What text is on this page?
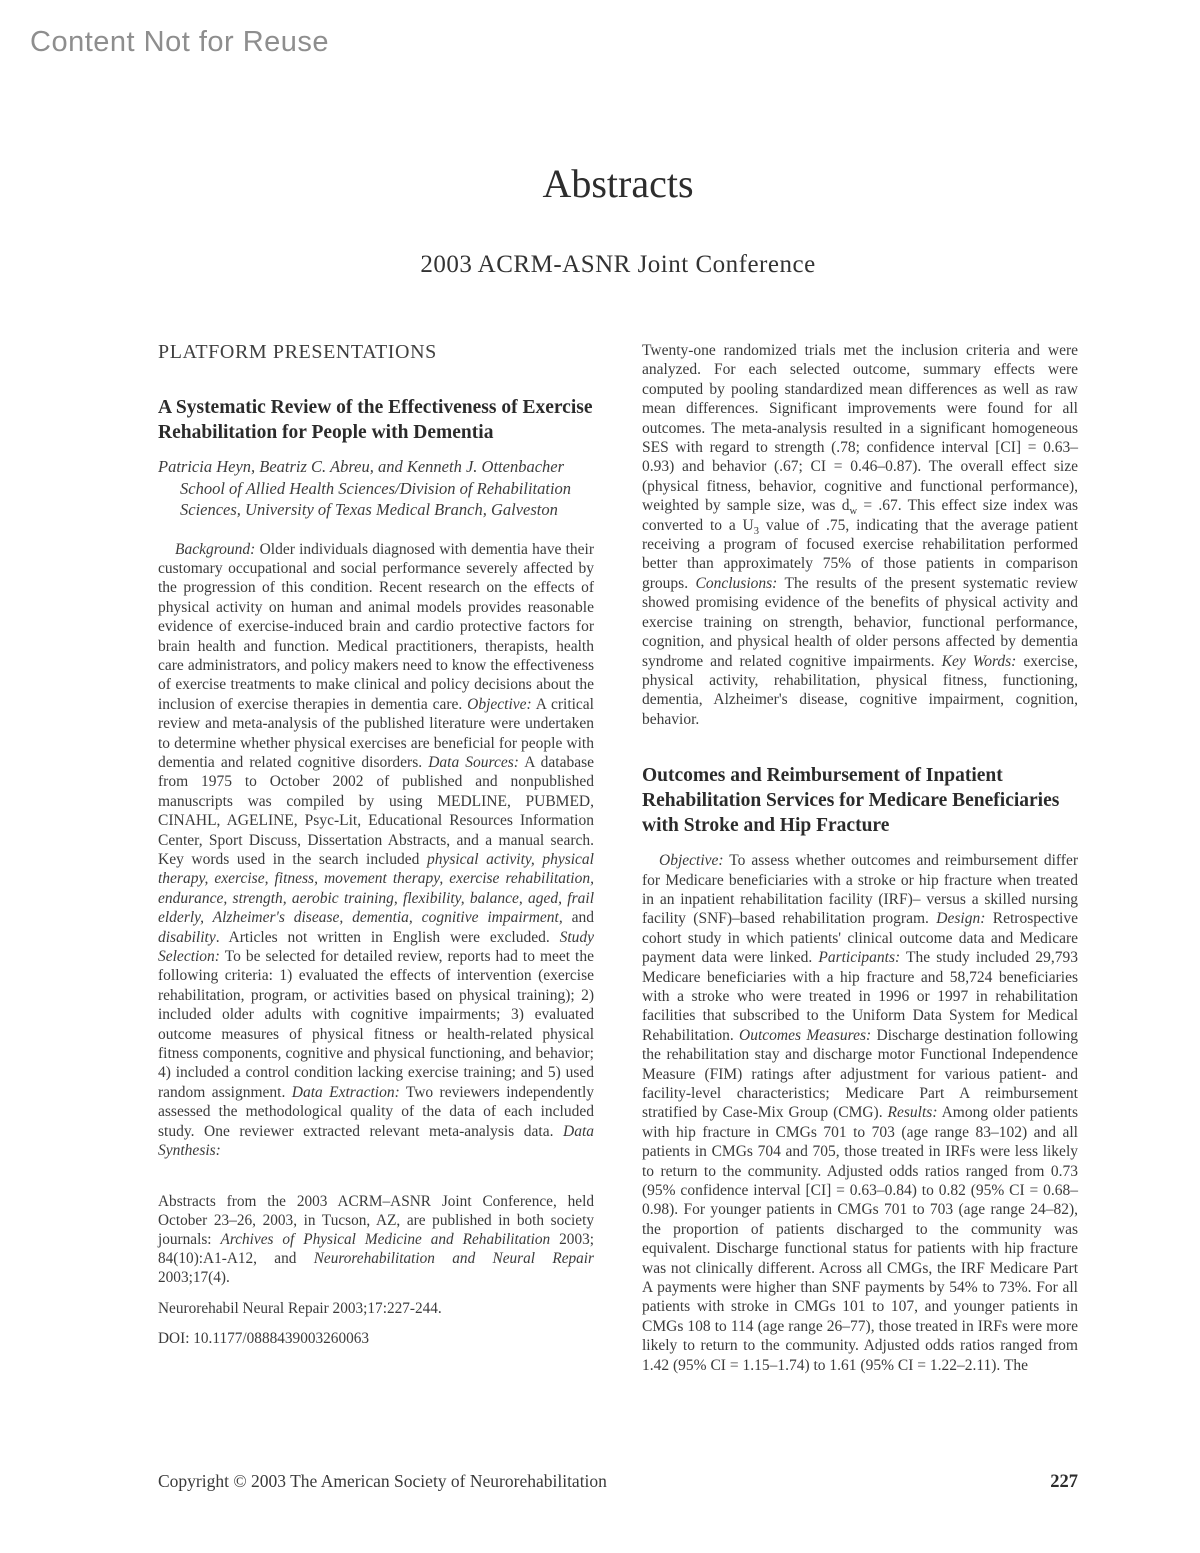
Content Not for Reuse
Abstracts
2003 ACRM-ASNR Joint Conference
PLATFORM PRESENTATIONS
A Systematic Review of the Effectiveness of Exercise Rehabilitation for People with Dementia

Patricia Heyn, Beatriz C. Abreu, and Kenneth J. Ottenbacher

School of Allied Health Sciences/Division of Rehabilitation Sciences, University of Texas Medical Branch, Galveston

Background: Older individuals diagnosed with dementia have their customary occupational and social performance severely affected by the progression of this condition. Recent research on the effects of physical activity on human and animal models provides reasonable evidence of exercise-induced brain and cardio protective factors for brain health and function. Medical practitioners, therapists, health care administrators, and policy makers need to know the effectiveness of exercise treatments to make clinical and policy decisions about the inclusion of exercise therapies in dementia care. Objective: A critical review and meta-analysis of the published literature were undertaken to determine whether physical exercises are beneficial for people with dementia and related cognitive disorders. Data Sources: A database from 1975 to October 2002 of published and nonpublished manuscripts was compiled by using MEDLINE, PUBMED, CINAHL, AGELINE, Psyc-Lit, Educational Resources Information Center, Sport Discuss, Dissertation Abstracts, and a manual search. Key words used in the search included physical activity, physical therapy, exercise, fitness, movement therapy, exercise rehabilitation, endurance, strength, aerobic training, flexibility, balance, aged, frail elderly, Alzheimer's disease, dementia, cognitive impairment, and disability. Articles not written in English were excluded. Study Selection: To be selected for detailed review, reports had to meet the following criteria: 1) evaluated the effects of intervention (exercise rehabilitation, program, or activities based on physical training); 2) included older adults with cognitive impairments; 3) evaluated outcome measures of physical fitness or health-related physical fitness components, cognitive and physical functioning, and behavior; 4) included a control condition lacking exercise training; and 5) used random assignment. Data Extraction: Two reviewers independently assessed the methodological quality of the data of each included study. One reviewer extracted relevant meta-analysis data. Data Synthesis:

Abstracts from the 2003 ACRM–ASNR Joint Conference, held October 23–26, 2003, in Tucson, AZ, are published in both society journals: Archives of Physical Medicine and Rehabilitation 2003; 84(10):A1-A12, and Neurorehabilitation and Neural Repair 2003;17(4).

Neurorehabil Neural Repair 2003;17:227-244.

DOI: 10.1177/0888439003260063

Twenty-one randomized trials met the inclusion criteria and were analyzed. For each selected outcome, summary effects were computed by pooling standardized mean differences as well as raw mean differences. Significant improvements were found for all outcomes. The meta-analysis resulted in a significant homogeneous SES with regard to strength (.78; confidence interval [CI] = 0.63–0.93) and behavior (.67; CI = 0.46–0.87). The overall effect size (physical fitness, behavior, cognitive and functional performance), weighted by sample size, was $d_w = .67$. This effect size index was converted to a $U_3$ value of .75, indicating that the average patient receiving a program of focused exercise rehabilitation performed better than approximately 75% of those patients in comparison groups. Conclusions: The results of the present systematic review showed promising evidence of the benefits of physical activity and exercise training on strength, behavior, functional performance, cognition, and physical health of older persons affected by dementia syndrome and related cognitive impairments. Key Words: exercise, physical activity, rehabilitation, physical fitness, functioning, dementia, Alzheimer's disease, cognitive impairment, cognition, behavior.

Outcomes and Reimbursement of Inpatient Rehabilitation Services for Medicare Beneficiaries with Stroke and Hip Fracture

Objective: To assess whether outcomes and reimbursement differ for Medicare beneficiaries with a stroke or hip fracture when treated in an inpatient rehabilitation facility (IRF)– versus a skilled nursing facility (SNF)–based rehabilitation program. Design: Retrospective cohort study in which patients' clinical outcome data and Medicare payment data were linked. Participants: The study included 29,793 Medicare beneficiaries with a hip fracture and 58,724 beneficiaries with a stroke who were treated in 1996 or 1997 in rehabilitation facilities that subscribed to the Uniform Data System for Medical Rehabilitation. Outcomes Measures: Discharge destination following the rehabilitation stay and discharge motor Functional Independence Measure (FIM) ratings after adjustment for various patient- and facility-level characteristics; Medicare Part A reimbursement stratified by Case-Mix Group (CMG). Results: Among older patients with hip fracture in CMGs 701 to 703 (age range 83–102) and all patients in CMGs 704 and 705, those treated in IRFs were less likely to return to the community. Adjusted odds ratios ranged from 0.73 (95% confidence interval [CI] = 0.63–0.84) to 0.82 (95% CI = 0.68–0.98). For younger patients in CMGs 701 to 703 (age range 24–82), the proportion of patients discharged to the community was equivalent. Discharge functional status for patients with hip fracture was not clinically different. Across all CMGs, the IRF Medicare Part A payments were higher than SNF payments by 54% to 73%. For all patients with stroke in CMGs 101 to 107, and younger patients in CMGs 108 to 114 (age range 26–77), those treated in IRFs were more likely to return to the community. Adjusted odds ratios ranged from 1.42 (95% CI = 1.15–1.74) to 1.61 (95% CI = 1.22–2.11). The

Copyright © 2003 The American Society of Neurorehabilitation	227
